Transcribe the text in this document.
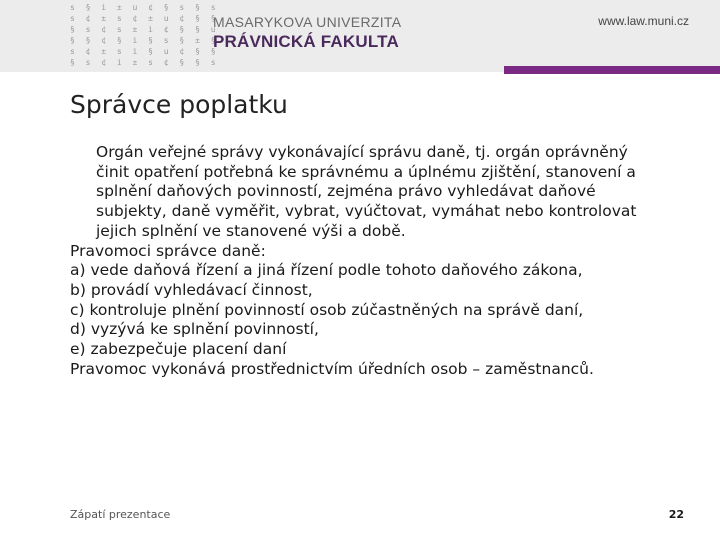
s § i ± u ¢ § s § s
s ¢ ± s ¢ ± u ¢ § §
§ s ¢ s ± i ¢ § § u
§ § ¢ § i § s § ± §
s ¢ ± s i § u ¢ § §
§ s ¢ i ± s ¢ § § s
MASARYKOVA UNIVERZITA
PRÁVNICKÁ FAKULTA
www.law.muni.cz
Správce poplatku
Orgán veřejné správy vykonávající správu daně, tj. orgán oprávněný činit opatření potřebná ke správnému a úplnému zjištění, stanovení a splnění daňových povinností, zejména právo vyhledávat daňové subjekty, daně vyměřit, vybrat, vyúčtovat, vymáhat nebo kontrolovat jejich splnění ve stanovené výši a době.
Pravomoci správce daně:
a) vede daňová řízení a jiná řízení podle tohoto daňového zákona,
b) provádí vyhledávací činnost,
c) kontroluje plnění povinností osob zúčastněných na správě daní,
d) vyzývá ke splnění povinností,
e) zabezpečuje placení daní
Pravomoc vykonává prostřednictvím úředních osob – zaměstnanců.
Zápatí prezentace	22
